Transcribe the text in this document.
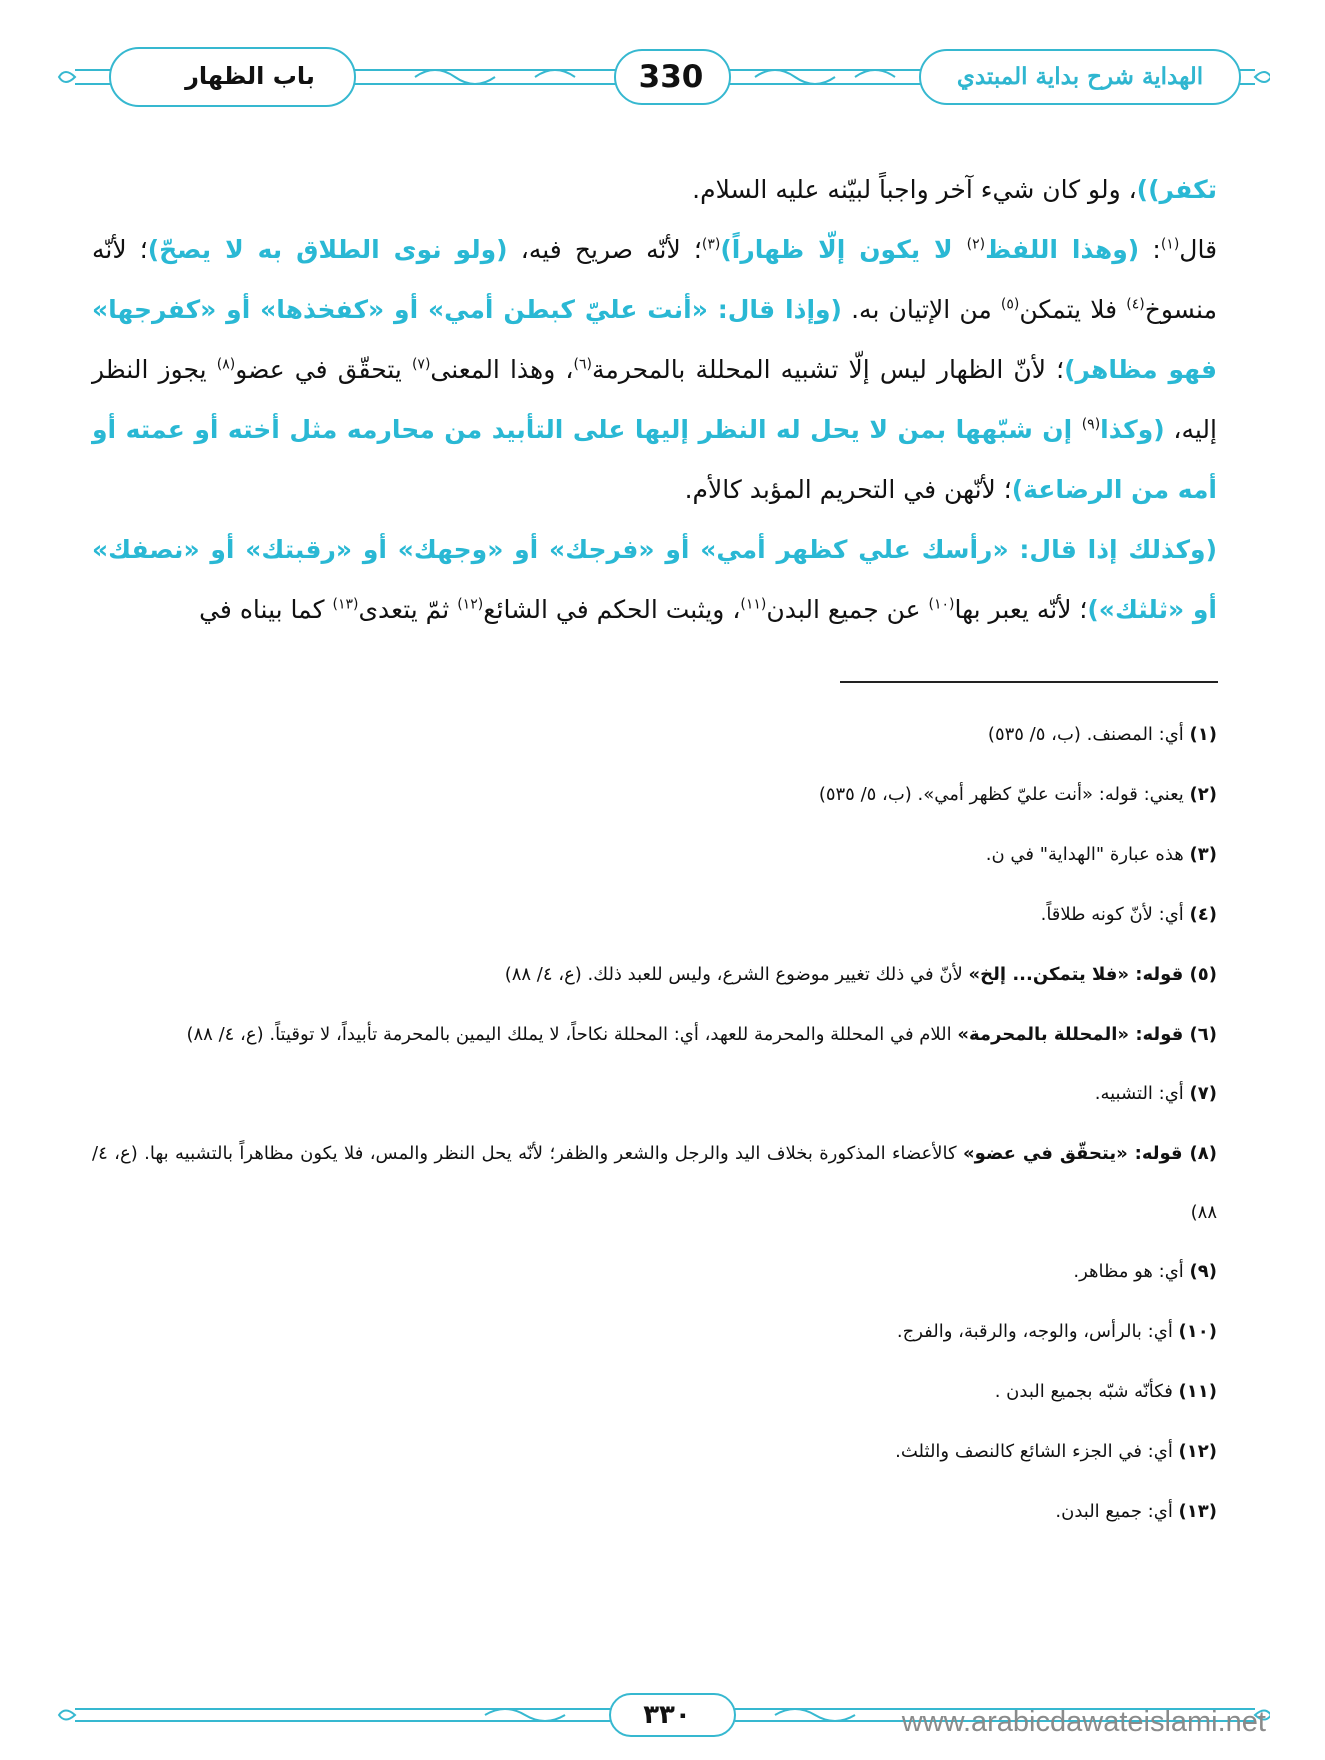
باب الظهار	330	الهداية شرح بداية المبتدي

تكفر))، ولو كان شيء آخر واجباً لبيّنه عليه السلام.

قال$^{(١)}$: (وهذا اللفظ$^{(٢)}$ لا يكون إلّا ظهاراً)$^{(٣)}$؛ لأنّه صريح فيه، (ولو نوى الطلاق به لا يصحّ)؛ لأنّه منسوخ$^{(٤)}$ فلا يتمكن$^{(٥)}$ من الإتيان به. (وإذا قال: «أنت عليّ كبطن أمي» أو «كفخذها» أو «كفرجها» فهو مظاهر)؛ لأنّ الظهار ليس إلّا تشبيه المحللة بالمحرمة$^{(٦)}$، وهذا المعنى$^{(٧)}$ يتحقّق في عضو$^{(٨)}$ يجوز النظر إليه، (وكذا$^{(٩)}$ إن شبّهها بمن لا يحل له النظر إليها على التأبيد من محارمه مثل أخته أو عمته أو أمه من الرضاعة)؛ لأنّهن في التحريم المؤبد كالأم.

(وكذلك إذا قال: «رأسك علي كظهر أمي» أو «فرجك» أو «وجهك» أو «رقبتك» أو «نصفك» أو «ثلثك»)؛ لأنّه يعبر بها$^{(١٠)}$ عن جميع البدن$^{(١١)}$، ويثبت الحكم في الشائع$^{(١٢)}$ ثمّ يتعدى$^{(١٣)}$ كما بيناه في

(١) أي: المصنف. (ب، ٥/ ٥٣٥)

(٢) يعني: قوله: «أنت عليّ كظهر أمي». (ب، ٥/ ٥٣٥)

(٣) هذه عبارة "الهداية" في ن.

(٤) أي: لأنّ كونه طلاقاً.

(٥) قوله: «فلا يتمكن... إلخ» لأنّ في ذلك تغيير موضوع الشرع، وليس للعبد ذلك. (ع، ٤/ ٨٨)

(٦) قوله: «المحللة بالمحرمة» اللام في المحللة والمحرمة للعهد، أي: المحللة نكاحاً، لا يملك اليمين بالمحرمة تأبيداً، لا توقيتاً. (ع، ٤/ ٨٨)

(٧) أي: التشبيه.

(٨) قوله: «يتحقّق في عضو» كالأعضاء المذكورة بخلاف اليد والرجل والشعر والظفر؛ لأنّه يحل النظر والمس، فلا يكون مظاهراً بالتشبيه بها. (ع، ٤/ ٨٨)

(٩) أي: هو مظاهر.

(١٠) أي: بالرأس، والوجه، والرقبة، والفرج.

(١١) فكأنّه شبّه بجميع البدن .

(١٢) أي: في الجزء الشائع كالنصف والثلث.

(١٣) أي: جميع البدن.

٣٣٠	www.arabicdawateislami.net
